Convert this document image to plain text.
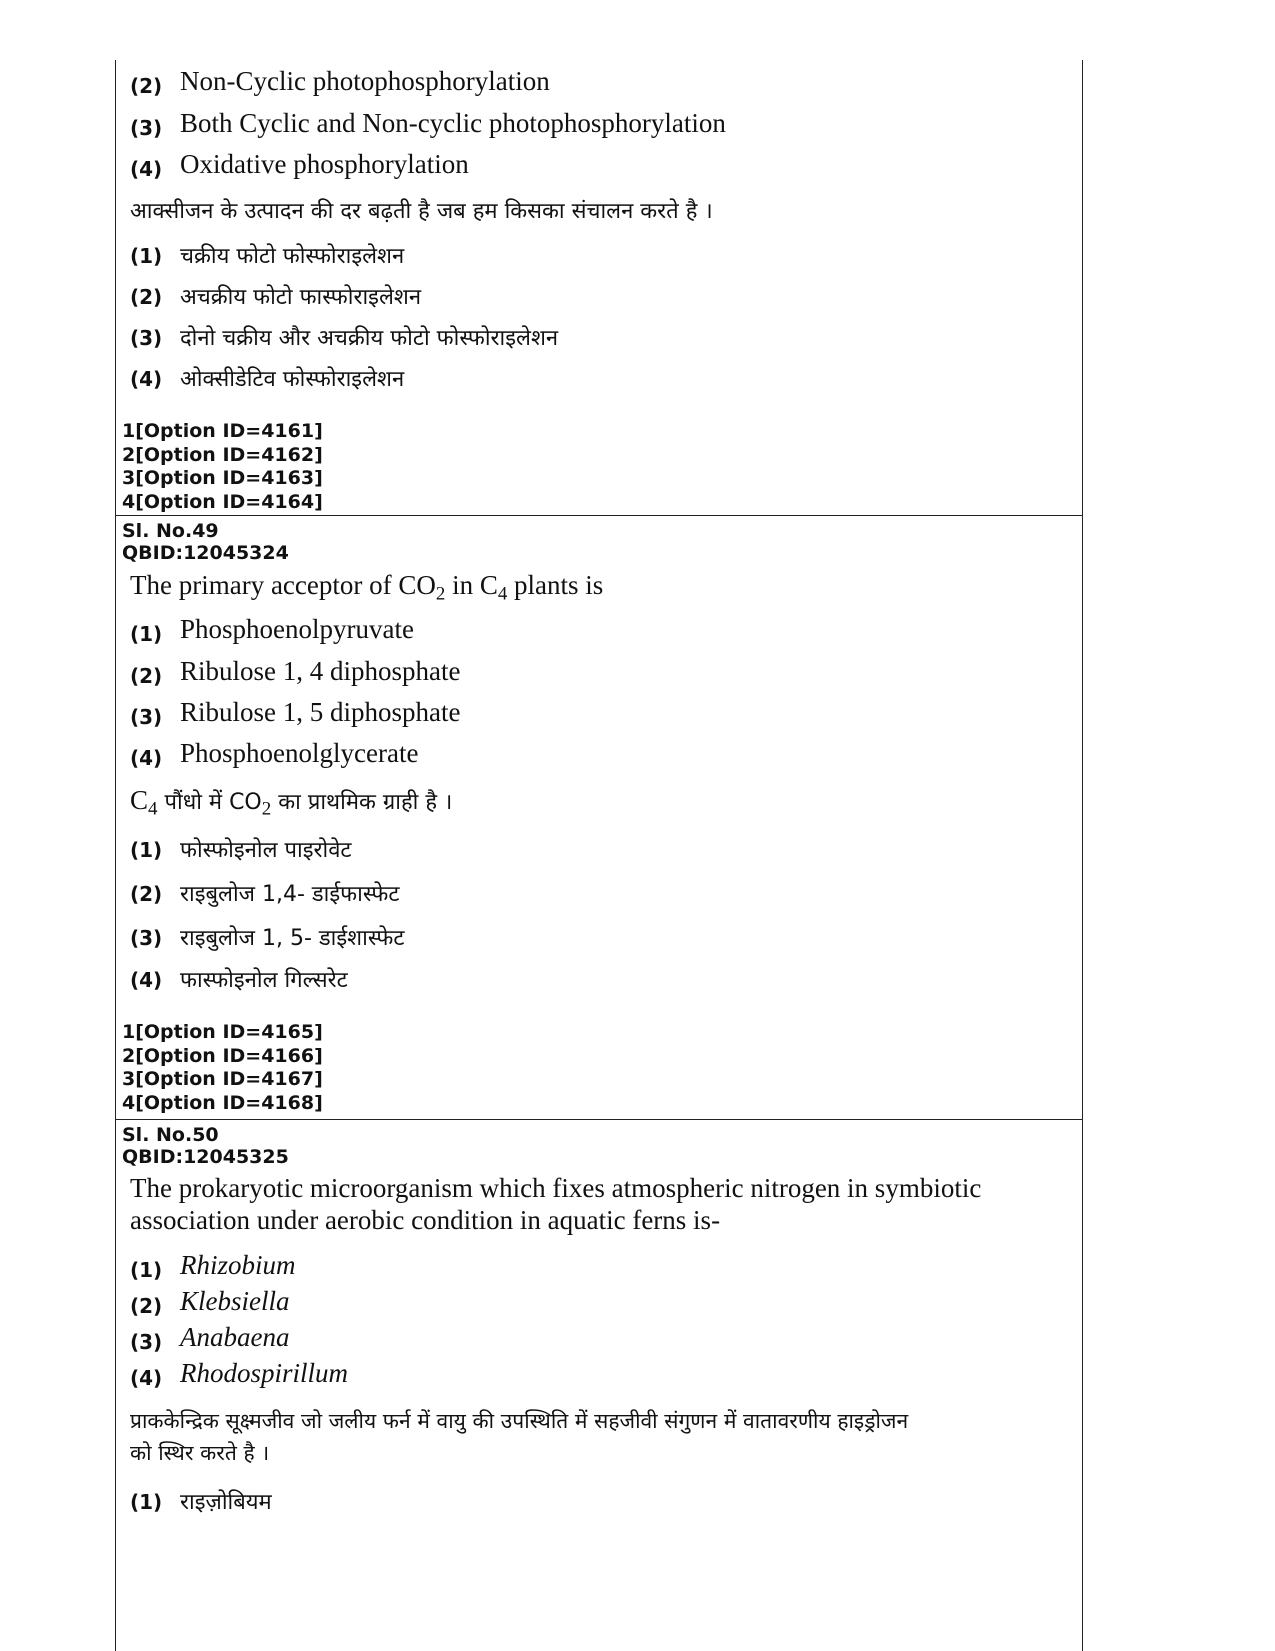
(2) Non-Cyclic photophosphorylation
(3) Both Cyclic and Non-cyclic photophosphorylation
(4) Oxidative phosphorylation
आक्सीजन के उत्पादन की दर बढ़ती है जब हम किसका संचालन करते है ।
(1) चक्रीय फोटो फोस्फोराइलेशन
(2) अचक्रीय फोटो फास्फोराइलेशन
(3) दोनो चक्रीय और अचक्रीय फोटो फोस्फोराइलेशन
(4) ओक्सीडेटिव फोस्फोराइलेशन
1[Option ID=4161]
2[Option ID=4162]
3[Option ID=4163]
4[Option ID=4164]
Sl. No.49
QBID:12045324
The primary acceptor of $CO_2$ in $C_4$ plants is
(1) Phosphoenolpyruvate
(2) Ribulose 1, 4 diphosphate
(3) Ribulose 1, 5 diphosphate
(4) Phosphoenolglycerate
$C_4$ पौंधो में $CO_2$ का प्राथमिक ग्राही है ।
(1) फोस्फोइनोल पाइरोवेट
(2) राइबुलोज 1,4- डाईफास्फेट
(3) राइबुलोज 1, 5- डाईशास्फेट
(4) फास्फोइनोल गिल्सरेट
1[Option ID=4165]
2[Option ID=4166]
3[Option ID=4167]
4[Option ID=4168]
Sl. No.50
QBID:12045325
The prokaryotic microorganism which fixes atmospheric nitrogen in symbiotic
association under aerobic condition in aquatic ferns is-
(1) Rhizobium
(2) Klebsiella
(3) Anabaena
(4) Rhodospirillum
प्राककेन्द्रिक सूक्ष्मजीव जो जलीय फर्न में वायु की उपस्थिति में सहजीवी संगुणन में वातावरणीय हाइड्रोजन
को स्थिर करते है ।
(1) राइज़ोबियम
